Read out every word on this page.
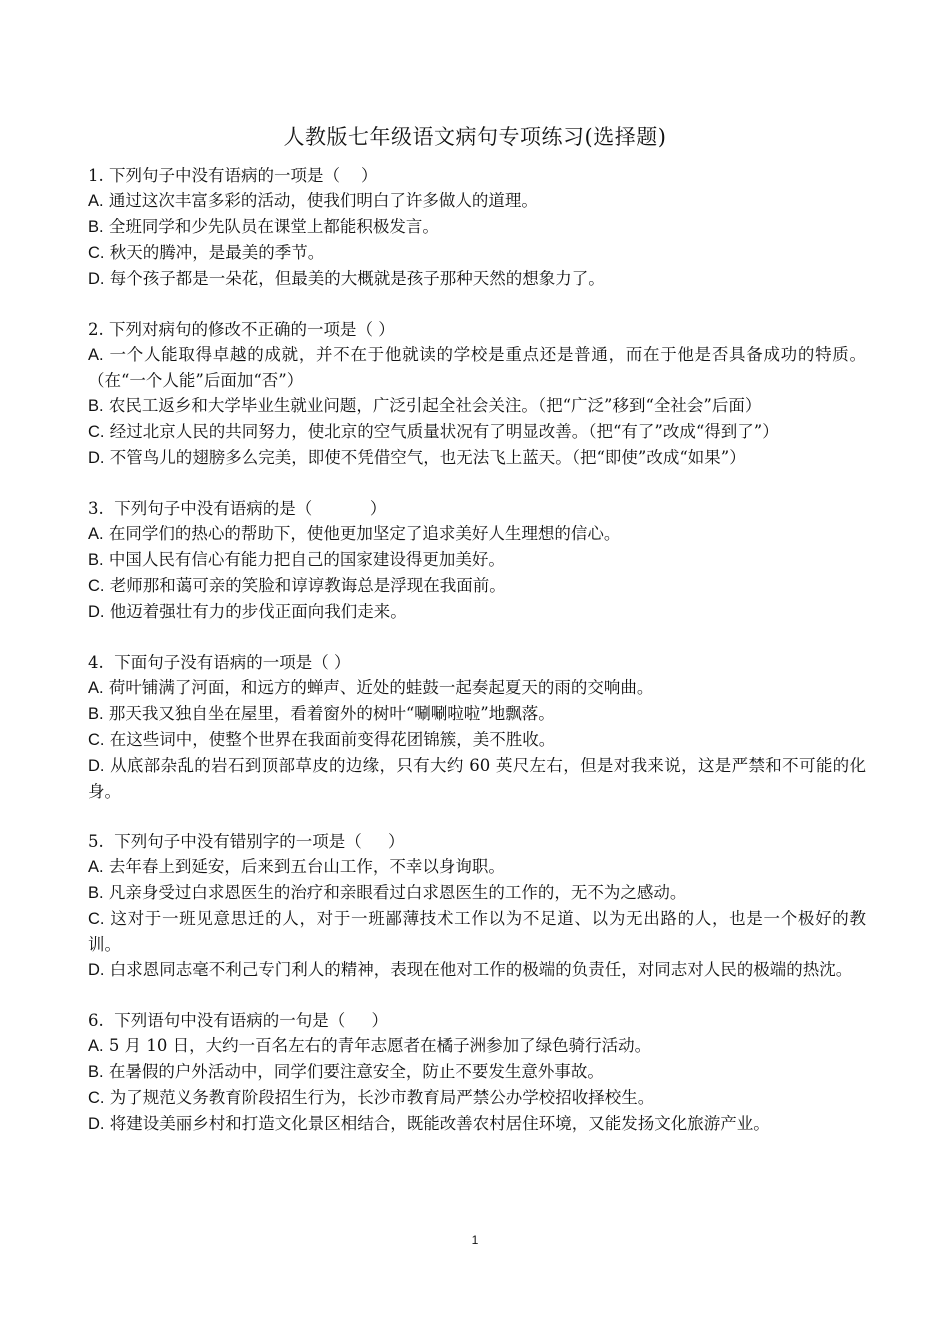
人教版七年级语文病句专项练习(选择题)

1. 下列句子中没有语病的一项是（    ）

A. 通过这次丰富多彩的活动，使我们明白了许多做人的道理。

B. 全班同学和少先队员在课堂上都能积极发言。

C. 秋天的腾冲，是最美的季节。

D. 每个孩子都是一朵花，但最美的大概就是孩子那种天然的想象力了。

2. 下列对病句的修改不正确的一项是（ ）

A. 一个人能取得卓越的成就，并不在于他就读的学校是重点还是普通，而在于他是否具备成功的特质。（在“一个人能”后面加“否”）

B. 农民工返乡和大学毕业生就业问题，广泛引起全社会关注。（把“广泛”移到“全社会”后面）

C. 经过北京人民的共同努力，使北京的空气质量状况有了明显改善。（把“有了”改成“得到了”）

D. 不管鸟儿的翅膀多么完美，即使不凭借空气，也无法飞上蓝天。（把“即使”改成“如果”）

3.  下列句子中没有语病的是（           ）

A. 在同学们的热心的帮助下，使他更加坚定了追求美好人生理想的信心。

B. 中国人民有信心有能力把自己的国家建设得更加美好。

C. 老师那和蔼可亲的笑脸和谆谆教诲总是浮现在我面前。

D. 他迈着强壮有力的步伐正面向我们走来。

4.  下面句子没有语病的一项是（ ）

A. 荷叶铺满了河面，和远方的蝉声、近处的蛙鼓一起奏起夏天的雨的交响曲。

B. 那天我又独自坐在屋里，看着窗外的树叶“唰唰啦啦”地飘落。

C. 在这些词中，使整个世界在我面前变得花团锦簇，美不胜收。

D. 从底部杂乱的岩石到顶部草皮的边缘，只有大约 60 英尺左右，但是对我来说，这是严禁和不可能的化身。

5.  下列句子中没有错别字的一项是（     ）

A. 去年春上到延安，后来到五台山工作，不幸以身询职。

B. 凡亲身受过白求恩医生的治疗和亲眼看过白求恩医生的工作的，无不为之感动。

C. 这对于一班见意思迁的人，对于一班鄙薄技术工作以为不足道、以为无出路的人，也是一个极好的教训。

D. 白求恩同志毫不利己专门利人的精神，表现在他对工作的极端的负责任，对同志对人民的极端的热沈。

6.  下列语句中没有语病的一句是（     ）

A. 5 月 10 日，大约一百名左右的青年志愿者在橘子洲参加了绿色骑行活动。

B. 在暑假的户外活动中，同学们要注意安全，防止不要发生意外事故。

C. 为了规范义务教育阶段招生行为，长沙市教育局严禁公办学校招收择校生。

D. 将建设美丽乡村和打造文化景区相结合，既能改善农村居住环境，又能发扬文化旅游产业。

1
